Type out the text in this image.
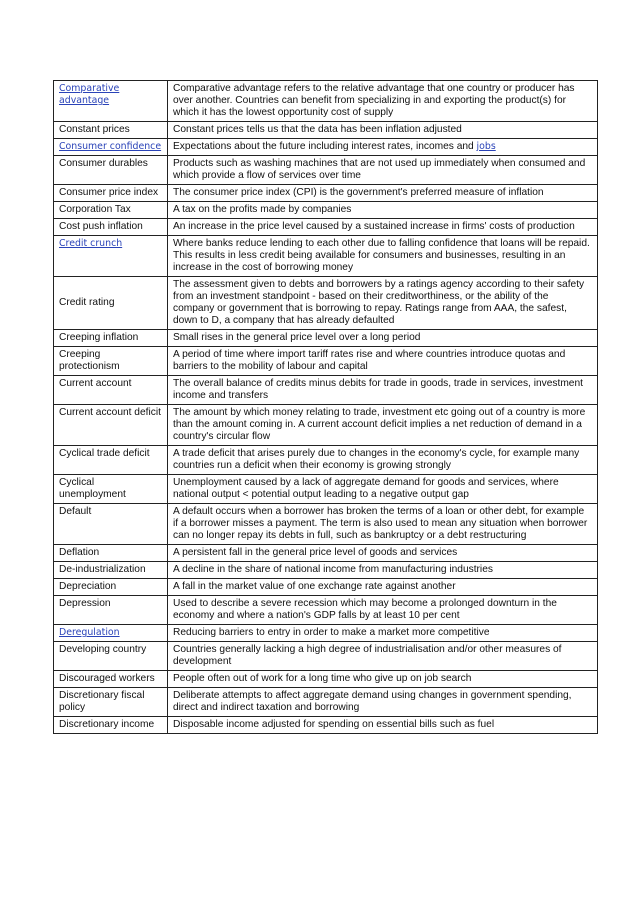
Comparative advantage	Comparative advantage refers to the relative advantage that one country or producer has over another. Countries can benefit from specializing in and exporting the product(s) for which it has the lowest opportunity cost of supply
Constant prices	Constant prices tells us that the data has been inflation adjusted
Consumer confidence	Expectations about the future including interest rates, incomes and jobs
Consumer durables	Products such as washing machines that are not used up immediately when consumed and which provide a flow of services over time
Consumer price index	The consumer price index (CPI) is the government's preferred measure of inflation
Corporation Tax	A tax on the profits made by companies
Cost push inflation	An increase in the price level caused by a sustained increase in firms' costs of production
Credit crunch	Where banks reduce lending to each other due to falling confidence that loans will be repaid. This results in less credit being available for consumers and businesses, resulting in an increase in the cost of borrowing money
Credit rating	The assessment given to debts and borrowers by a ratings agency according to their safety from an investment standpoint - based on their creditworthiness, or the ability of the company or government that is borrowing to repay. Ratings range from AAA, the safest, down to D, a company that has already defaulted
Creeping inflation	Small rises in the general price level over a long period
Creeping protectionism	A period of time where import tariff rates rise and where countries introduce quotas and barriers to the mobility of labour and capital
Current account	The overall balance of credits minus debits for trade in goods, trade in services, investment income and transfers
Current account deficit	The amount by which money relating to trade, investment etc going out of a country is more than the amount coming in. A current account deficit implies a net reduction of demand in a country's circular flow
Cyclical trade deficit	A trade deficit that arises purely due to changes in the economy's cycle, for example many countries run a deficit when their economy is growing strongly
Cyclical unemployment	Unemployment caused by a lack of aggregate demand for goods and services, where national output < potential output leading to a negative output gap
Default	A default occurs when a borrower has broken the terms of a loan or other debt, for example if a borrower misses a payment. The term is also used to mean any situation when borrower can no longer repay its debts in full, such as bankruptcy or a debt restructuring
Deflation	A persistent fall in the general price level of goods and services
De-industrialization	A decline in the share of national income from manufacturing industries
Depreciation	A fall in the market value of one exchange rate against another
Depression	Used to describe a severe recession which may become a prolonged downturn in the economy and where a nation's GDP falls by at least 10 per cent
Deregulation	Reducing barriers to entry in order to make a market more competitive
Developing country	Countries generally lacking a high degree of industrialisation and/or other measures of development
Discouraged workers	People often out of work for a long time who give up on job search
Discretionary fiscal policy	Deliberate attempts to affect aggregate demand using changes in government spending, direct and indirect taxation and borrowing
Discretionary income	Disposable income adjusted for spending on essential bills such as fuel
